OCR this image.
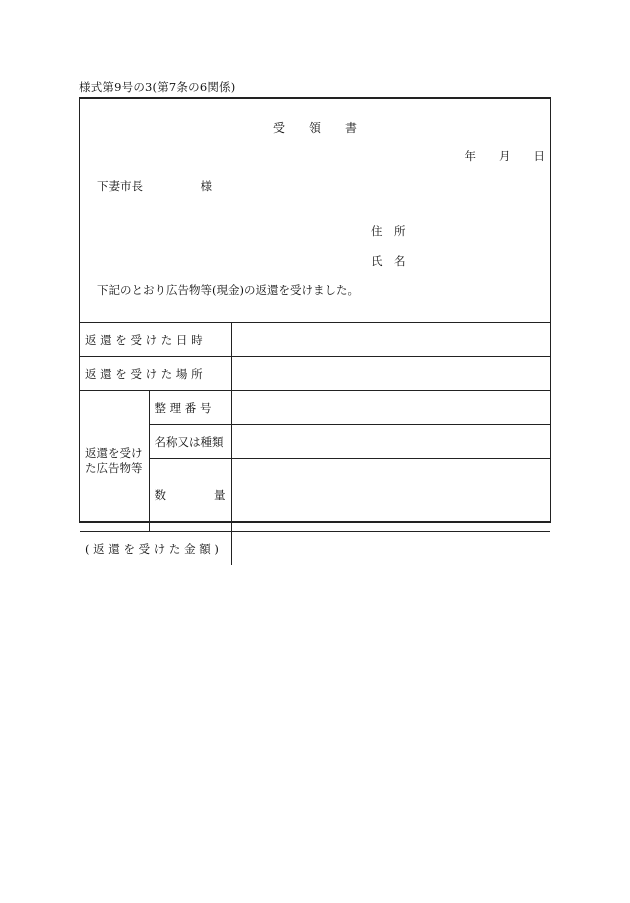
様式第9号の3(第7条の6関係)
受　　領　　書
年　　月　　日
下妻市長　　　　　様
住　所
氏　名
下記のとおり広告物等(現金)の返還を受けました。
返 還 を 受 け た 日 時		
返 還 を 受 け た 場 所		

返還を受け
た広告物等	整 理 番 号	
	名称又は種類	

	数 量	

( 返 還 を 受 け た 金 額 )		
